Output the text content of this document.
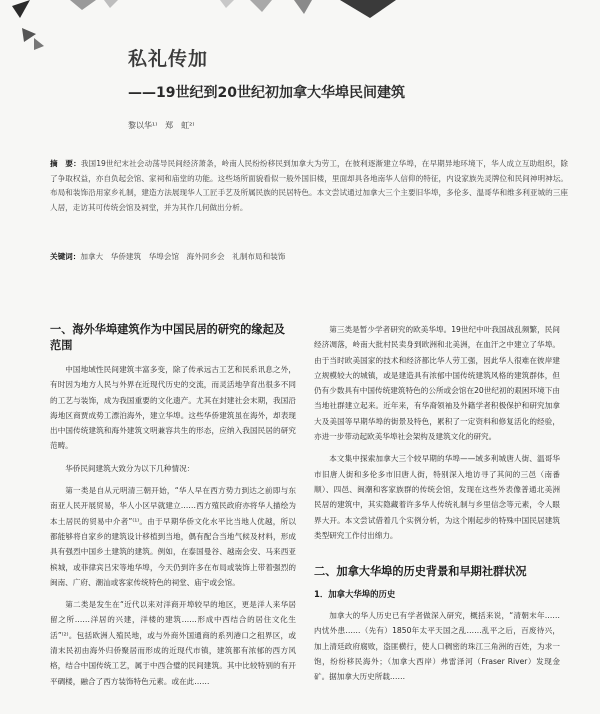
私礼传加
——19世纪到20世纪初加拿大华埠民间建筑
黎以华¹⁾　郑　虹²⁾
摘　要：我国19世纪末社会动荡导民间经济萧条，岭南人民纷纷移民到加拿大为劳工，在彼利逐渐建立华埠，在早期异地环境下，华人成立互助组织，除了争取权益，亦自负起会馆、家祠和庙堂的功能。这些场所面貌看似一般外国旧楼，里面却具各地南华人信仰的特征，内设家族先灵牌位和民间神明神坛。布局和装饰沿用家乡礼制，建造方法展现华人工匠手艺及所属民族的民居特色。本文尝试通过加拿大三个主要旧华埠，多伦多、温哥华和维多利亚城的三座人居，走访其可传统会馆及祠堂，并为其作几何做出分析。
关键词：加拿大　华侨建筑　华埠会馆　海外同乡会　礼制布局和装饰
一、海外华埠建筑作为中国民居的研究的缘起及范围

中国地域性民间建筑丰富多变，除了传承远古工艺和民系讯息之外，有时因为地方人民与外界在近现代历史的交流，而灵活地孕育出很多不同的工艺与装饰，成为我国重要的文化遗产。尤其在封建社会末期，我国沿海地区商贾成势工漂泊海外，建立华埠。这些华侨建筑虽在海外，却表现出中国传统建筑和海外建筑文明兼容共生的形态，应纳入我国民居的研究范畴。

华侨民间建筑大致分为以下几种情况：

第一类是自从元明清三朝开始，“华人早在西方势力到达之前即与东南亚人民开展贸易，华人小区早就建立……西方殖民政府亦将华人描绘为本土居民的贸易中介者”⁽¹⁾。由于早期华侨文化水平比当地人优越，所以都能够将自家乡的建筑设计移植到当地，偶有配合当地气候及材料，形成具有强烈中国乡土建筑的建筑。例如，在泰国曼谷、越南会安、马来西亚槟城，或菲律宾吕宋等地华埠，今天仍到许多在布局或装饰上带着强烈的闽南、广府、潮汕或客家传统特色的祠堂、庙宇或会馆。

第二类是发生在“近代以来对洋商开埠较早的地区，更是洋人来华居留之所……洋居的兴建，洋楼的建筑……形成中西结合的居住文化生活”⁽²⁾。包括欧洲人殖民地，或与外商外国通商的系列港口之租界区，或清末民初由海外归侨聚居而形成的近现代市镇，建筑都有浓郁的西方风格，结合中国传统工艺，属于中西合璧的民间建筑。其中比较特别的有开平碉楼，融合了西方装饰特色元素。或在此……

第三类是暂少学者研究的欧美华埠。19世纪中叶我国战乱频繁，民间经济凋落，岭南大批村民卖身到欧洲和北美洲，在血汗之中建立了华埠。由于当时欧美国家的技术和经济都比华人劳工强，因此华人很难在彼岸建立规模较大的城镇，或是建造具有浓郁中国传统建筑风格的建筑群体，但仍有少数具有中国传统建筑特色的公所或会馆在20世纪初的艰困环境下由当地社群建立起来。近年来，有华裔领袖及外籍学者积极保护和研究加拿大及美国等早期华埠的街景及特色，累积了一定资料和修复活化的经验，亦进一步带动起欧美华埠社会架构及建筑文化的研究。

本文集中探索加拿大三个较早期的华埠——域多利城唐人街、温哥华市旧唐人街和多伦多市旧唐人街，特别深入地访寻了其间的三邑（南番顺）、四邑、闽潮和客家族群的传统会馆，发现在这些外表像普通北美洲民居的建筑中，其实隐藏着许多华人传统礼制与乡里信念等元素，令人眼界大开。本文尝试借着几个实例分析，为这个刚起步的特殊中国民居建筑类型研究工作付出绵力。

二、加拿大华埠的历史背景和早期社群状况
1．加拿大华埠的历史

加拿大的华人历史已有学者做深入研究，概括来说，“清朝末年……内忧外患……（先有）1850年太平天国之乱……乱平之后，百废待兴，加上清廷政府腐败，盗匪横行，使人口稠密的珠江三角洲的百姓，为求一饱，纷纷移民海外；（加拿大西岸）弗雷泽河（Fraser River）发现金矿。据加拿大历史所载……
